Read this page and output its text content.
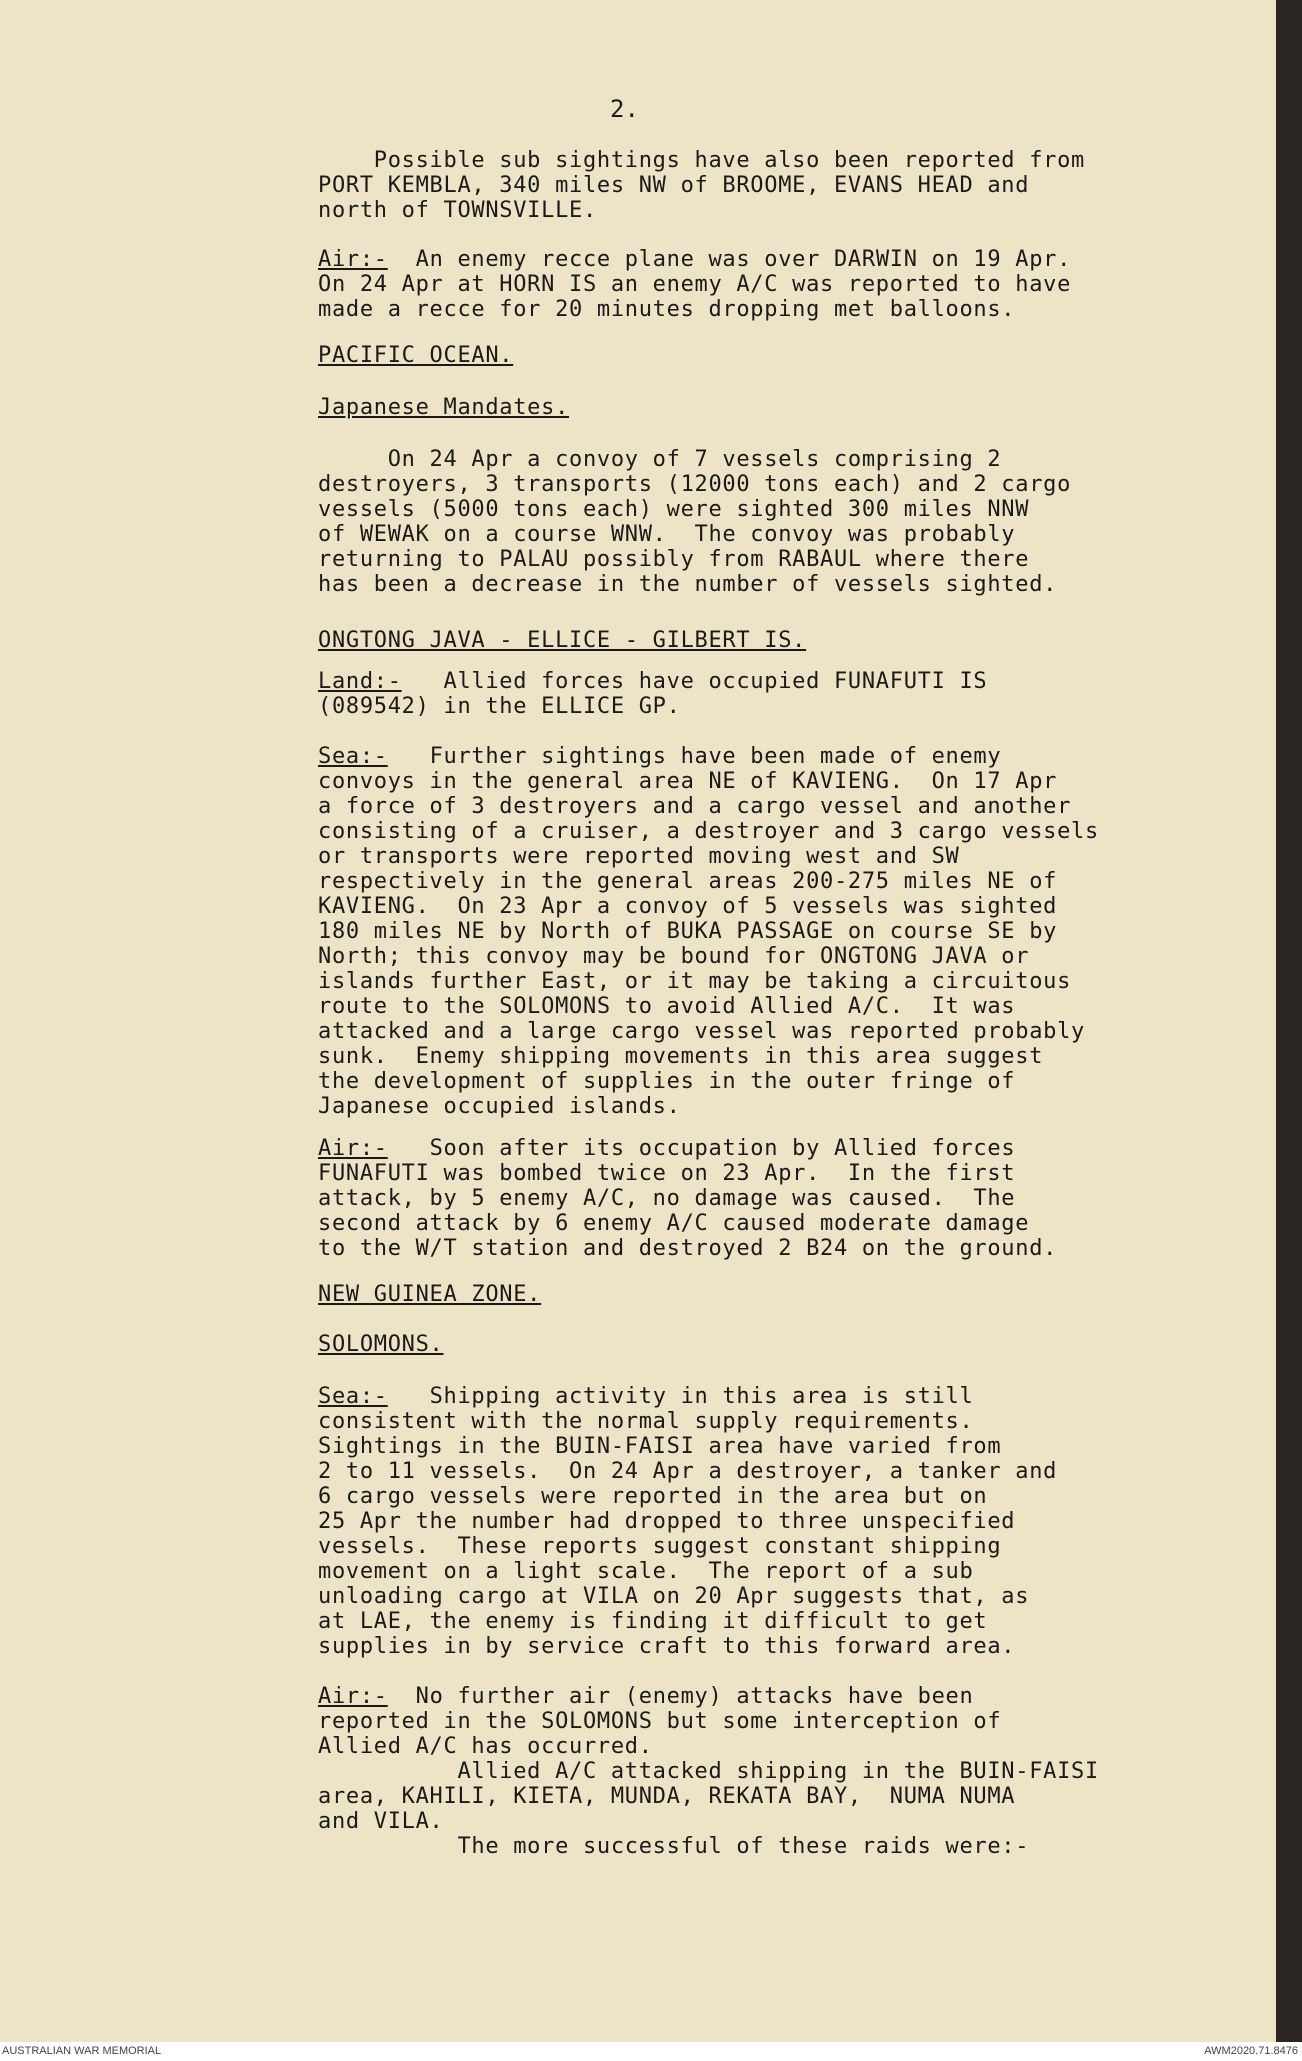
2.
Possible sub sightings have also been reported from
PORT KEMBLA, 340 miles NW of BROOME, EVANS HEAD and
north of TOWNSVILLE.
Air:-  An enemy recce plane was over DARWIN on 19 Apr.
On 24 Apr at HORN IS an enemy A/C was reported to have
made a recce for 20 minutes dropping met balloons.
PACIFIC OCEAN.
Japanese Mandates.
On 24 Apr a convoy of 7 vessels comprising 2
destroyers, 3 transports (12000 tons each) and 2 cargo
vessels (5000 tons each) were sighted 300 miles NNW
of WEWAK on a course WNW.  The convoy was probably
returning to PALAU possibly from RABAUL where there
has been a decrease in the number of vessels sighted.
ONGTONG JAVA - ELLICE - GILBERT IS.
Land:-   Allied forces have occupied FUNAFUTI IS
(089542) in the ELLICE GP.
Sea:-   Further sightings have been made of enemy
convoys in the general area NE of KAVIENG.  On 17 Apr
a force of 3 destroyers and a cargo vessel and another
consisting of a cruiser, a destroyer and 3 cargo vessels
or transports were reported moving west and SW
respectively in the general areas 200-275 miles NE of
KAVIENG.  On 23 Apr a convoy of 5 vessels was sighted
180 miles NE by North of BUKA PASSAGE on course SE by
North; this convoy may be bound for ONGTONG JAVA or
islands further East, or it may be taking a circuitous
route to the SOLOMONS to avoid Allied A/C.  It was
attacked and a large cargo vessel was reported probably
sunk.  Enemy shipping movements in this area suggest
the development of supplies in the outer fringe of
Japanese occupied islands.
Air:-   Soon after its occupation by Allied forces
FUNAFUTI was bombed twice on 23 Apr.  In the first
attack, by 5 enemy A/C, no damage was caused.  The
second attack by 6 enemy A/C caused moderate damage
to the W/T station and destroyed 2 B24 on the ground.
NEW GUINEA ZONE.
SOLOMONS.
Sea:-   Shipping activity in this area is still
consistent with the normal supply requirements.
Sightings in the BUIN-FAISI area have varied from
2 to 11 vessels.  On 24 Apr a destroyer, a tanker and
6 cargo vessels were reported in the area but on
25 Apr the number had dropped to three unspecified
vessels.  These reports suggest constant shipping
movement on a light scale.  The report of a sub
unloading cargo at VILA on 20 Apr suggests that, as
at LAE, the enemy is finding it difficult to get
supplies in by service craft to this forward area.
Air:-  No further air (enemy) attacks have been
reported in the SOLOMONS but some interception of
Allied A/C has occurred.
Allied A/C attacked shipping in the BUIN-FAISI
area, KAHILI, KIETA, MUNDA, REKATA BAY,  NUMA NUMA
and VILA.
The more successful of these raids were:-
AUSTRALIAN WAR MEMORIAL	AWM2020.71.8476
